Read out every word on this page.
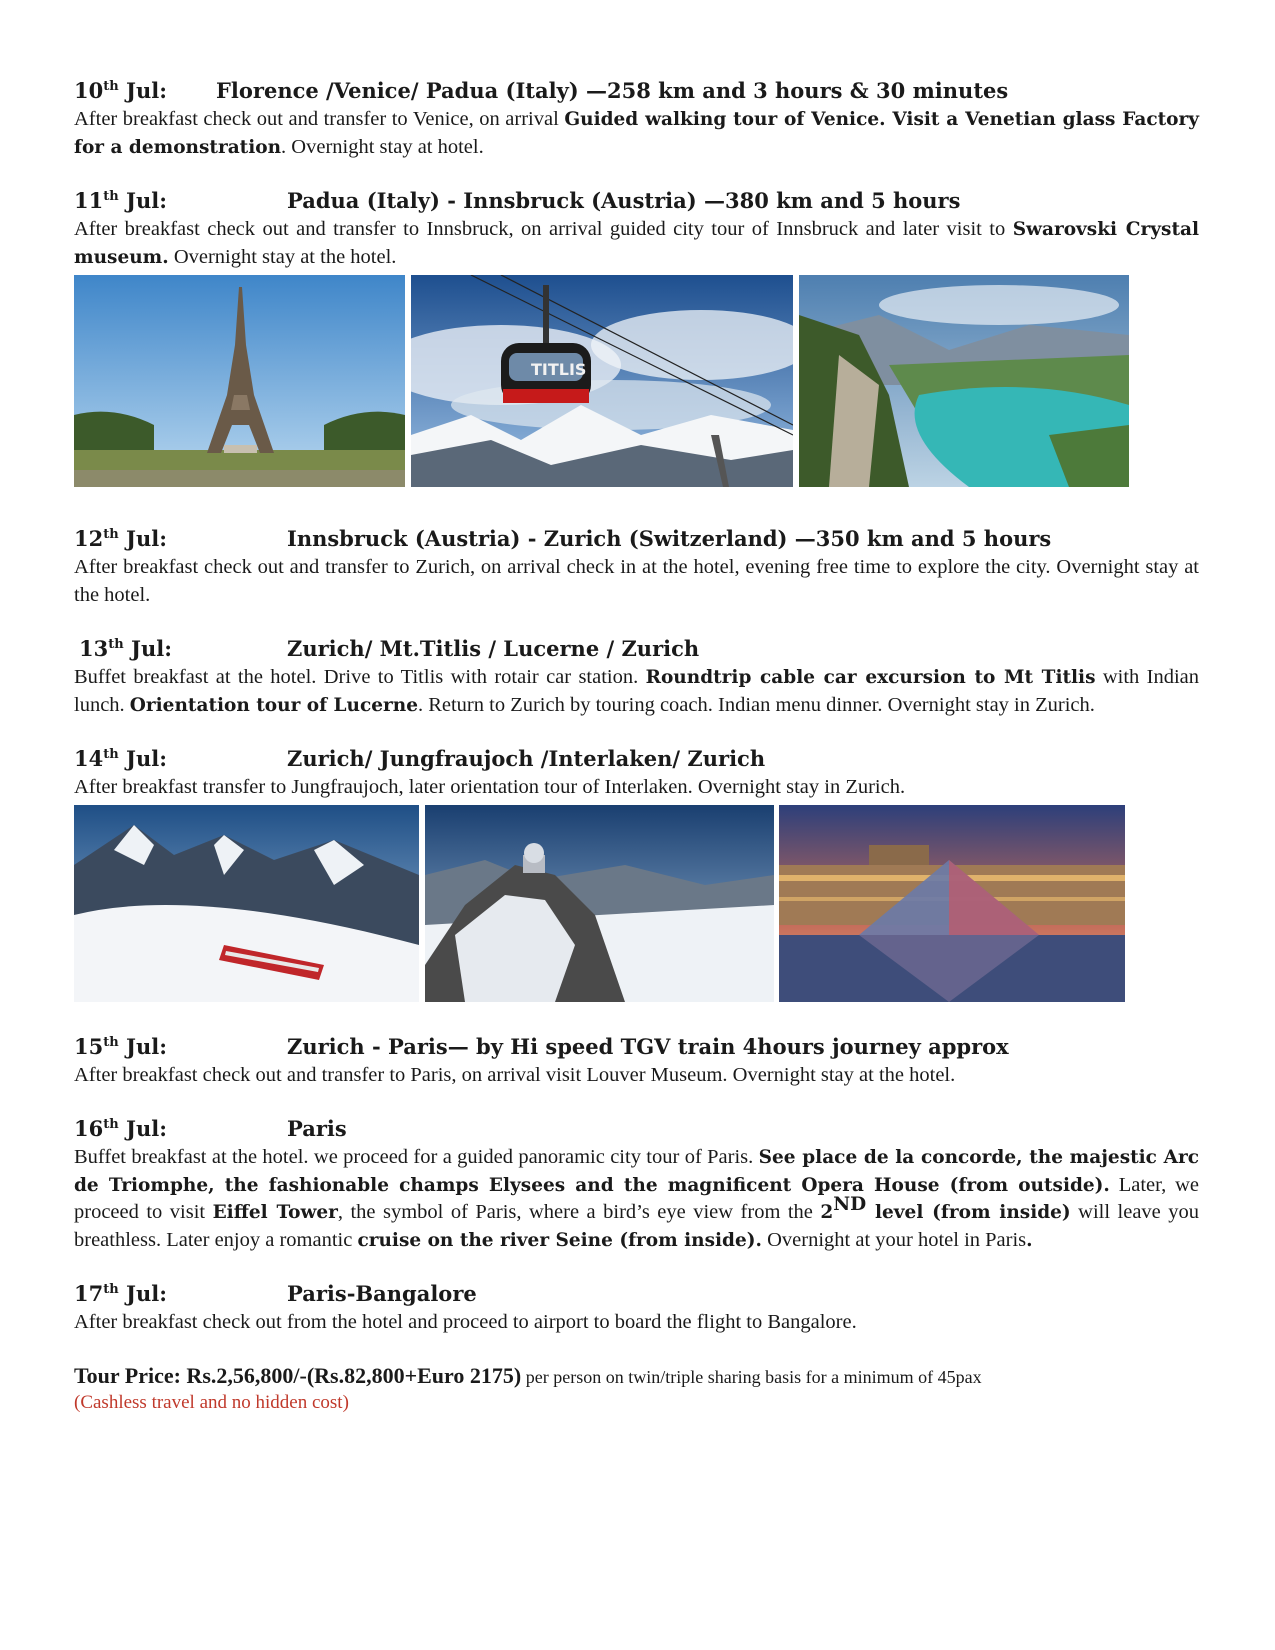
10th Jul: Florence /Venice/ Padua (Italy) —258 km and 3 hours & 30 minutes
After breakfast check out and transfer to Venice, on arrival Guided walking tour of Venice. Visit a Venetian glass Factory for a demonstration. Overnight stay at hotel.
11th Jul:	Padua (Italy) - Innsbruck (Austria) —380 km and 5 hours
After breakfast check out and transfer to Innsbruck, on arrival guided city tour of Innsbruck and later visit to Swarovski Crystal museum. Overnight stay at the hotel.
TITLIS
12th Jul:	Innsbruck (Austria) - Zurich (Switzerland) —350 km and 5 hours
After breakfast check out and transfer to Zurich, on arrival check in at the hotel, evening free time to explore the city. Overnight stay at the hotel.
13th Jul:	Zurich/ Mt.Titlis / Lucerne / Zurich
Buffet breakfast at the hotel. Drive to Titlis with rotair car station. Roundtrip cable car excursion to Mt Titlis with Indian lunch. Orientation tour of Lucerne. Return to Zurich by touring coach. Indian menu dinner. Overnight stay in Zurich.
14th Jul:	Zurich/ Jungfraujoch /Interlaken/ Zurich
After breakfast transfer to Jungfraujoch, later orientation tour of Interlaken. Overnight stay in Zurich.
15th Jul:	Zurich - Paris— by Hi speed TGV train 4hours journey approx
After breakfast check out and transfer to Paris, on arrival visit Louver Museum. Overnight stay at the hotel.
16th Jul:	Paris
Buffet breakfast at the hotel. we proceed for a guided panoramic city tour of Paris. See place de la concorde, the majestic Arc de Triomphe, the fashionable champs Elysees and the magnificent Opera House (from outside). Later, we proceed to visit Eiffel Tower, the symbol of Paris, where a bird’s eye view from the 2ND level (from inside) will leave you breathless. Later enjoy a romantic cruise on the river Seine (from inside). Overnight at your hotel in Paris.
17th Jul:	Paris-Bangalore
After breakfast check out from the hotel and proceed to airport to board the flight to Bangalore.
Tour Price: Rs.2,56,800/-(Rs.82,800+Euro 2175) per person on twin/triple sharing basis for a minimum of 45pax
(Cashless travel and no hidden cost)
